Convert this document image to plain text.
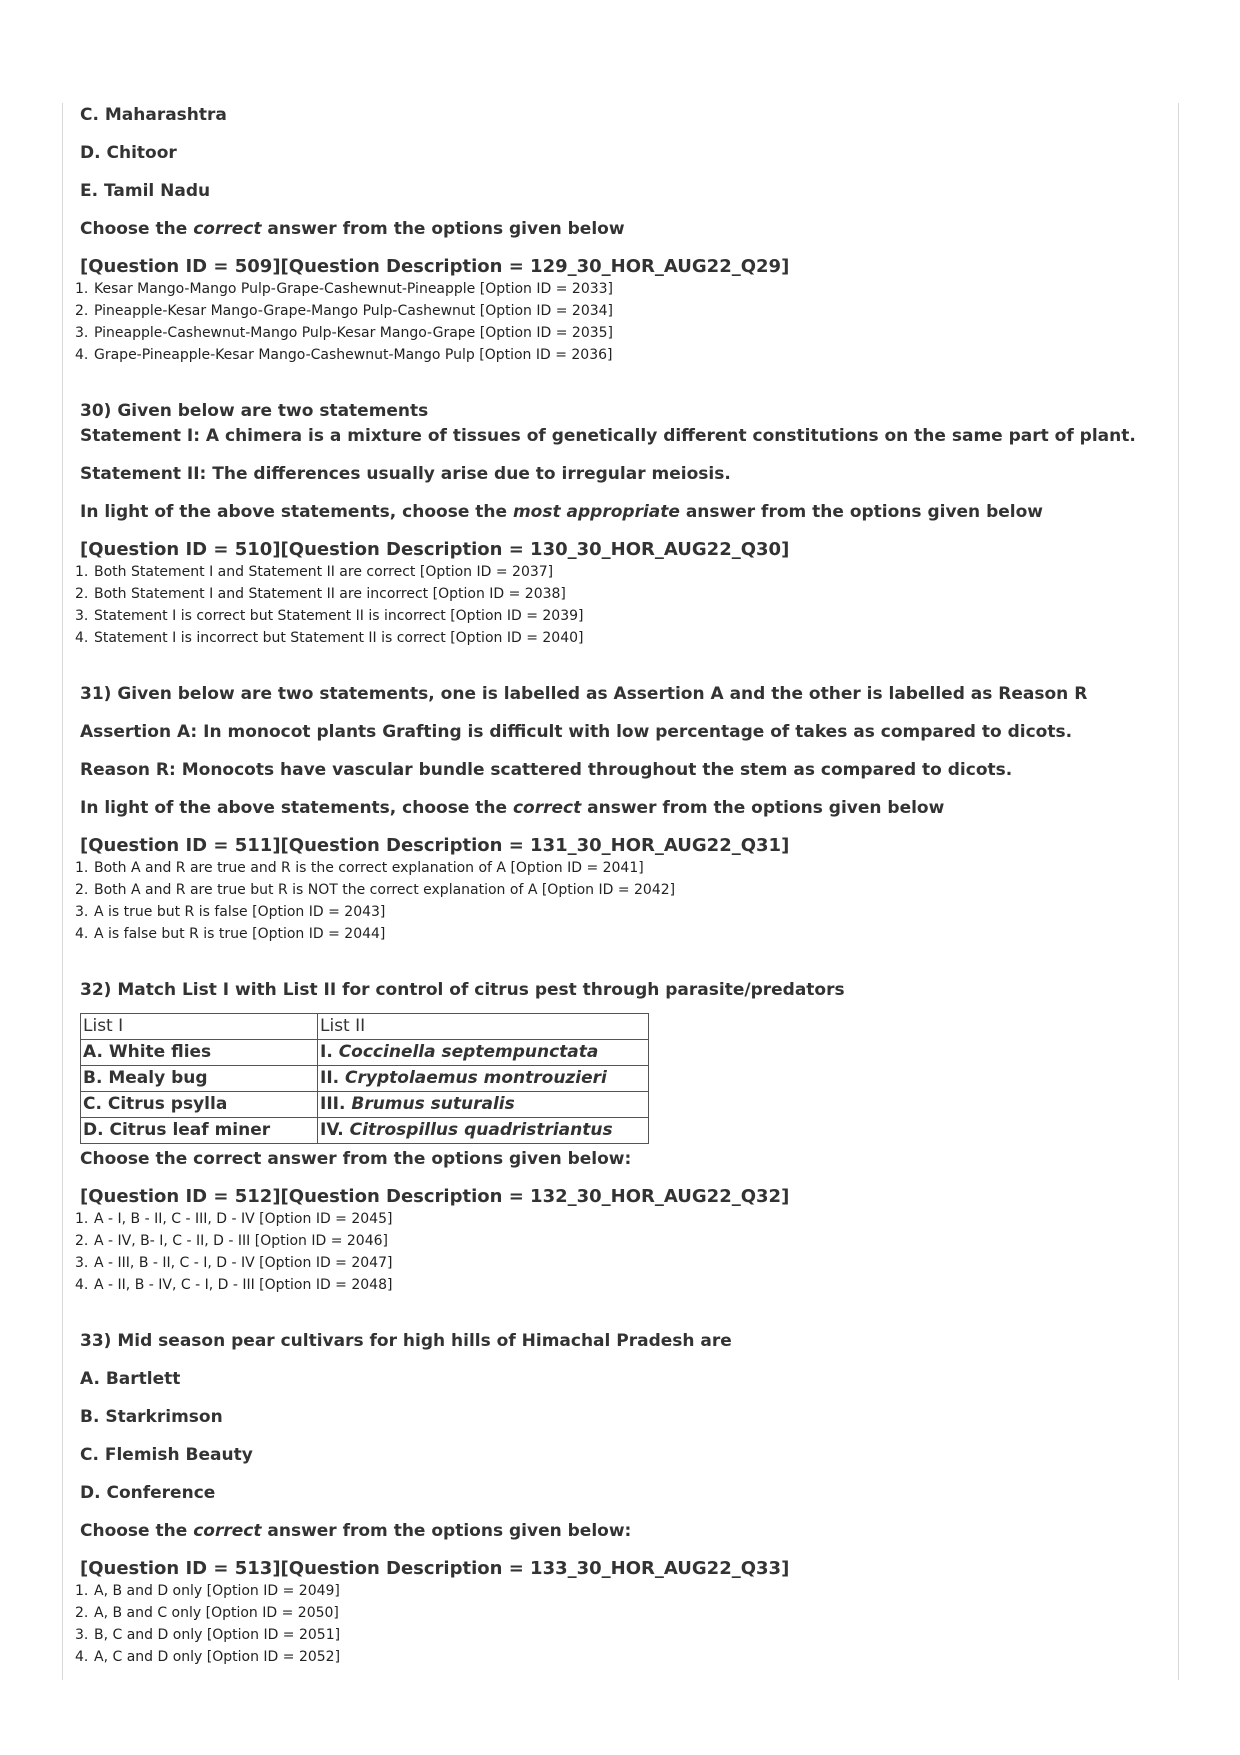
C. Maharashtra
D. Chitoor
E. Tamil Nadu
Choose the correct answer from the options given below
[Question ID = 509][Question Description = 129_30_HOR_AUG22_Q29]
1. Kesar Mango-Mango Pulp-Grape-Cashewnut-Pineapple [Option ID = 2033]
2. Pineapple-Kesar Mango-Grape-Mango Pulp-Cashewnut [Option ID = 2034]
3. Pineapple-Cashewnut-Mango Pulp-Kesar Mango-Grape [Option ID = 2035]
4. Grape-Pineapple-Kesar Mango-Cashewnut-Mango Pulp [Option ID = 2036]
30) Given below are two statements
Statement I: A chimera is a mixture of tissues of genetically different constitutions on the same part of plant.
Statement II: The differences usually arise due to irregular meiosis.
In light of the above statements, choose the most appropriate answer from the options given below
[Question ID = 510][Question Description = 130_30_HOR_AUG22_Q30]
1. Both Statement I and Statement II are correct [Option ID = 2037]
2. Both Statement I and Statement II are incorrect [Option ID = 2038]
3. Statement I is correct but Statement II is incorrect [Option ID = 2039]
4. Statement I is incorrect but Statement II is correct [Option ID = 2040]
31) Given below are two statements, one is labelled as Assertion A and the other is labelled as Reason R
Assertion A: In monocot plants Grafting is difficult with low percentage of takes as compared to dicots.
Reason R: Monocots have vascular bundle scattered throughout the stem as compared to dicots.
In light of the above statements, choose the correct answer from the options given below
[Question ID = 511][Question Description = 131_30_HOR_AUG22_Q31]
1. Both A and R are true and R is the correct explanation of A [Option ID = 2041]
2. Both A and R are true but R is NOT the correct explanation of A [Option ID = 2042]
3. A is true but R is false [Option ID = 2043]
4. A is false but R is true [Option ID = 2044]
32) Match List I with List II for control of citrus pest through parasite/predators
List I	List II
A. White flies	I. Coccinella septempunctata
B. Mealy bug	II. Cryptolaemus montrouzieri
C. Citrus psylla	III. Brumus suturalis
D. Citrus leaf miner	IV. Citrospillus quadristriantus
Choose the correct answer from the options given below:
[Question ID = 512][Question Description = 132_30_HOR_AUG22_Q32]
1. A - I, B - II, C - III, D - IV [Option ID = 2045]
2. A - IV, B- I, C - II, D - III [Option ID = 2046]
3. A - III, B - II, C - I, D - IV [Option ID = 2047]
4. A - II, B - IV, C - I, D - III [Option ID = 2048]
33) Mid season pear cultivars for high hills of Himachal Pradesh are
A. Bartlett
B. Starkrimson
C. Flemish Beauty
D. Conference
Choose the correct answer from the options given below:
[Question ID = 513][Question Description = 133_30_HOR_AUG22_Q33]
1. A, B and D only [Option ID = 2049]
2. A, B and C only [Option ID = 2050]
3. B, C and D only [Option ID = 2051]
4. A, C and D only [Option ID = 2052]
